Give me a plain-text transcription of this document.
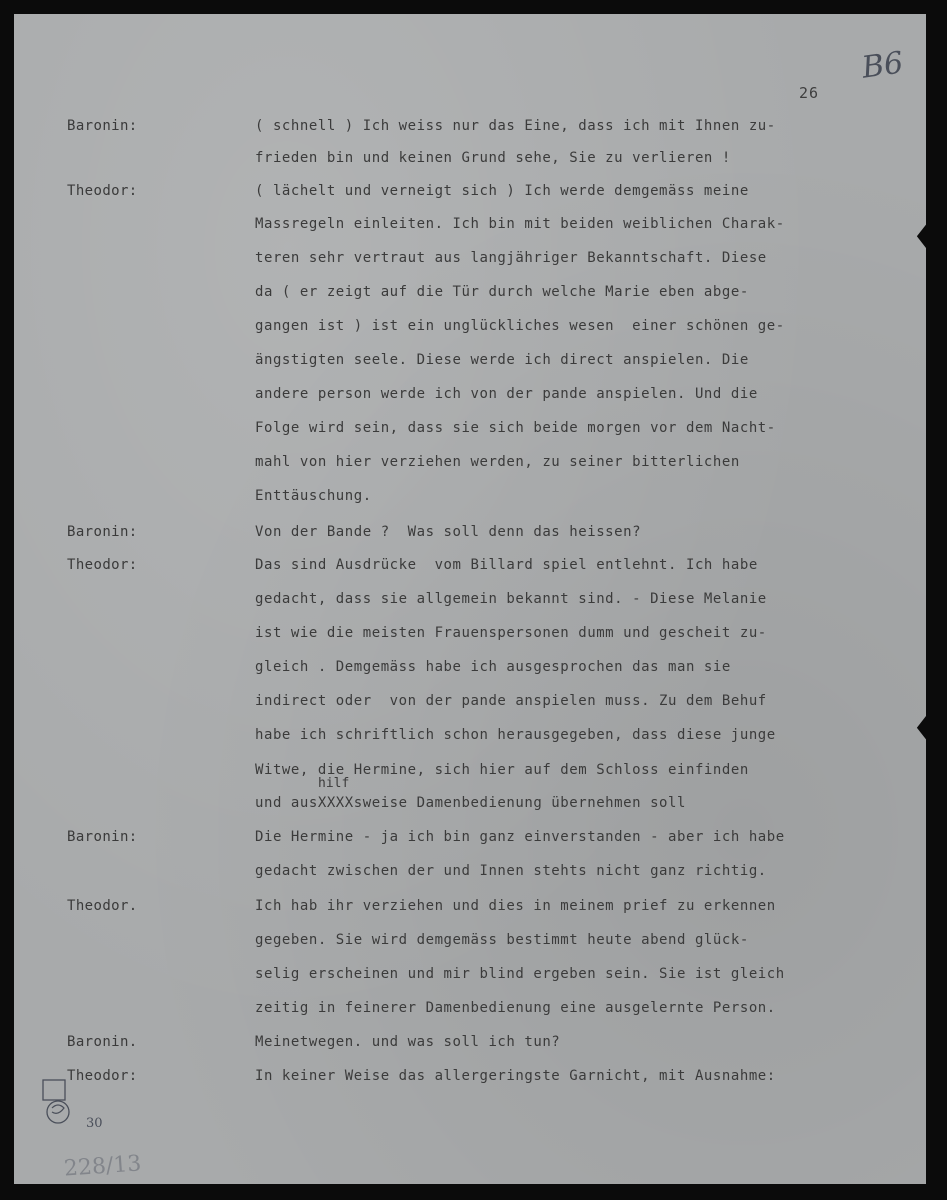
B6
26
Baronin:	( schnell ) Ich weiss nur das Eine, dass ich mit Ihnen zu-
frieden bin und keinen Grund sehe, Sie zu verlieren !
Theodor:	( lächelt und verneigt sich ) Ich werde demgemäss meine
Massregeln einleiten. Ich bin mit beiden weiblichen Charak-
teren sehr vertraut aus langjähriger Bekanntschaft. Diese
da ( er zeigt auf die Tür durch welche Marie eben abge-
gangen ist ) ist ein unglückliches wesen  einer schönen ge-
ängstigten seele. Diese werde ich direct anspielen. Die
andere person werde ich von der pande anspielen. Und die
Folge wird sein, dass sie sich beide morgen vor dem Nacht-
mahl von hier verziehen werden, zu seiner bitterlichen
Enttäuschung.
Baronin:	Von der Bande ?  Was soll denn das heissen?
Theodor:	Das sind Ausdrücke  vom Billard spiel entlehnt. Ich habe
gedacht, dass sie allgemein bekannt sind. - Diese Melanie
ist wie die meisten Frauenspersonen dumm und gescheit zu-
gleich . Demgemäss habe ich ausgesprochen das man sie
indirect oder  von der pande anspielen muss. Zu dem Behuf
habe ich schriftlich schon herausgegeben, dass diese junge
Witwe, die Hermine, sich hier auf dem Schloss einfinden
hilf
und ausXXXXsweise Damenbedienung übernehmen soll
Baronin:	Die Hermine - ja ich bin ganz einverstanden - aber ich habe
gedacht zwischen der und Innen stehts nicht ganz richtig.
Theodor.	Ich hab ihr verziehen und dies in meinem prief zu erkennen
gegeben. Sie wird demgemäss bestimmt heute abend glück-
selig erscheinen und mir blind ergeben sein. Sie ist gleich
zeitig in feinerer Damenbedienung eine ausgelernte Person.
Baronin.	Meinetwegen. und was soll ich tun?
Theodor:	In keiner Weise das allergeringste Garnicht, mit Ausnahme:
30
228/13
